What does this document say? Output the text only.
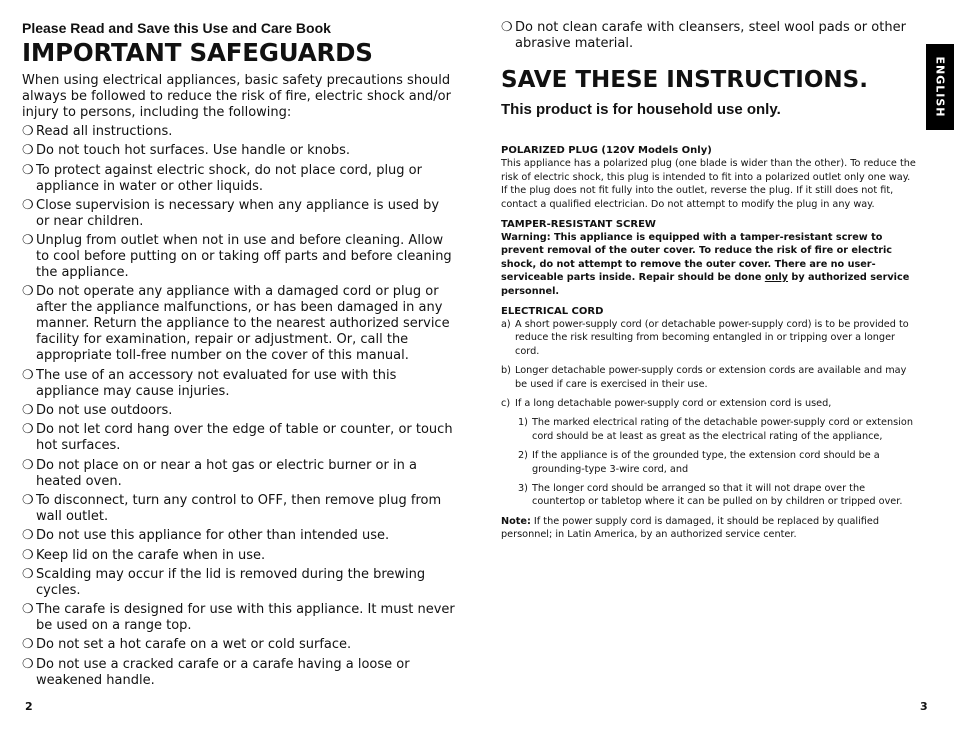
Please Read and Save this Use and Care Book

IMPORTANT SAFEGUARDS

When using electrical appliances, basic safety precautions should always be followed to reduce the risk of fire, electric shock and/or injury to persons, including the following:

❍ Read all instructions.
❍ Do not touch hot surfaces. Use handle or knobs.
❍ To protect against electric shock, do not place cord, plug or appliance in water or other liquids.
❍ Close supervision is necessary when any appliance is used by or near children.
❍ Unplug from outlet when not in use and before cleaning. Allow to cool before putting on or taking off parts and before cleaning the appliance.
❍ Do not operate any appliance with a damaged cord or plug or after the appliance malfunctions, or has been damaged in any manner. Return the appliance to the nearest authorized service facility for examination, repair or adjustment. Or, call the appropriate toll-free number on the cover of this manual.
❍ The use of an accessory not evaluated for use with this appliance may cause injuries.
❍ Do not use outdoors.
❍ Do not let cord hang over the edge of table or counter, or touch hot surfaces.
❍ Do not place on or near a hot gas or electric burner or in a heated oven.
❍ To disconnect, turn any control to OFF, then remove plug from wall outlet.
❍ Do not use this appliance for other than intended use.
❍ Keep lid on the carafe when in use.
❍ Scalding may occur if the lid is removed during the brewing cycles.
❍ The carafe is designed for use with this appliance. It must never be used on a range top.
❍ Do not set a hot carafe on a wet or cold surface.
❍ Do not use a cracked carafe or a carafe having a loose or weakened handle.

❍ Do not clean carafe with cleansers, steel wool pads or other abrasive material.

SAVE THESE INSTRUCTIONS.

This product is for household use only.

POLARIZED PLUG (120V Models Only)

This appliance has a polarized plug (one blade is wider than the other). To reduce the risk of electric shock, this plug is intended to fit into a polarized outlet only one way. If the plug does not fit fully into the outlet, reverse the plug. If it still does not fit, contact a qualified electrician. Do not attempt to modify the plug in any way.

TAMPER-RESISTANT SCREW

Warning: This appliance is equipped with a tamper-resistant screw to prevent removal of the outer cover. To reduce the risk of fire or electric shock, do not attempt to remove the outer cover. There are no user-serviceable parts inside. Repair should be done only by authorized service personnel.

ELECTRICAL CORD

a) A short power-supply cord (or detachable power-supply cord) is to be provided to reduce the risk resulting from becoming entangled in or tripping over a longer cord.

b) Longer detachable power-supply cords or extension cords are available and may be used if care is exercised in their use.

c) If a long detachable power-supply cord or extension cord is used,

1) The marked electrical rating of the detachable power-supply cord or extension cord should be at least as great as the electrical rating of the appliance,

2) If the appliance is of the grounded type, the extension cord should be a grounding-type 3-wire cord, and

3) The longer cord should be arranged so that it will not drape over the countertop or tabletop where it can be pulled on by children or tripped over.

Note: If the power supply cord is damaged, it should be replaced by qualified personnel; in Latin America, by an authorized service center.

ENGLISH
2	3
